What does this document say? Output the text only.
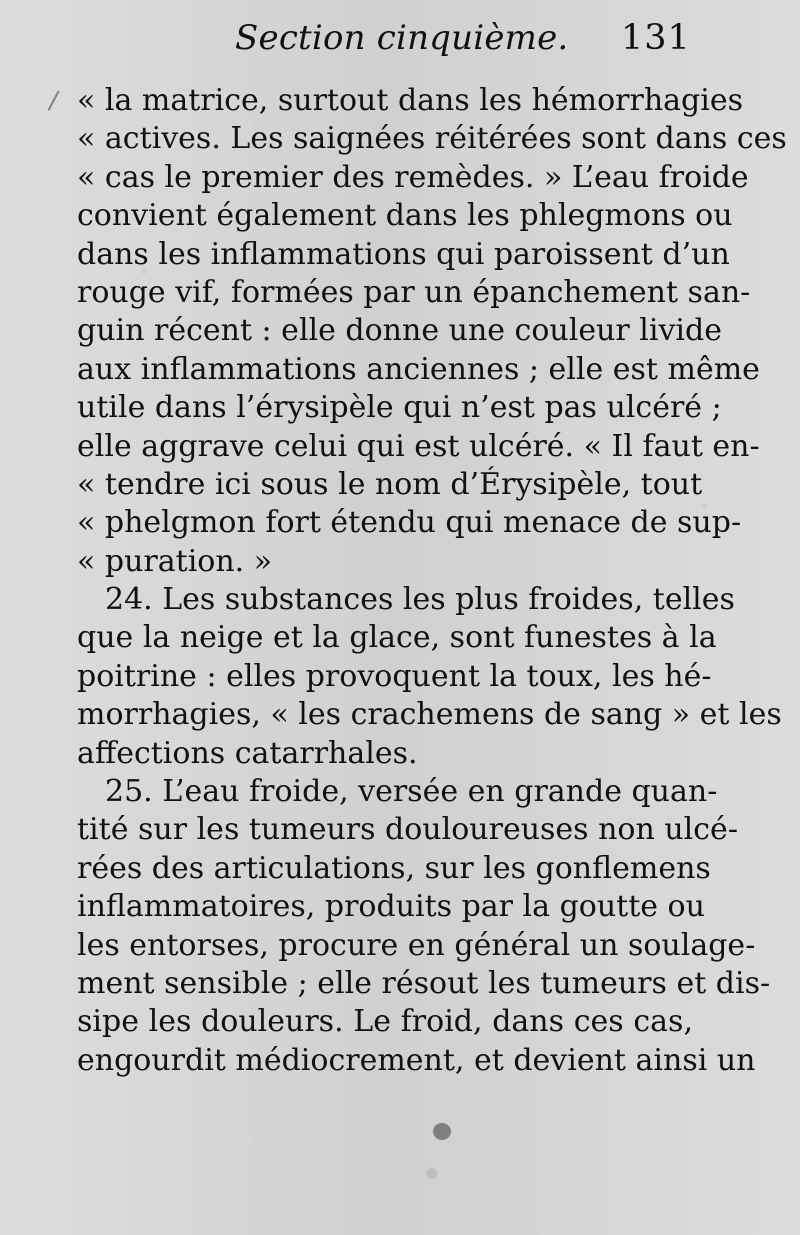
Section cinquième. 131
« la matrice, surtout dans les hémorrhagies
« actives. Les saignées réitérées sont dans ces
« cas le premier des remèdes. » L’eau froide
convient également dans les phlegmons ou
dans les inflammations qui paroissent d’un
rouge vif, formées par un épanchement san-
guin récent : elle donne une couleur livide
aux inflammations anciennes ; elle est même
utile dans l’érysipèle qui n’est pas ulcéré ;
elle aggrave celui qui est ulcéré. « Il faut en-
« tendre ici sous le nom d’Érysipèle, tout
« phelgmon fort étendu qui menace de sup-
« puration. »
24. Les substances les plus froides, telles
que la neige et la glace, sont funestes à la
poitrine : elles provoquent la toux, les hé-
morrhagies, « les crachemens de sang » et les
affections catarrhales.
25. L’eau froide, versée en grande quan-
tité sur les tumeurs douloureuses non ulcé-
rées des articulations, sur les gonflemens
inflammatoires, produits par la goutte ou
les entorses, procure en général un soulage-
ment sensible ; elle résout les tumeurs et dis-
sipe les douleurs. Le froid, dans ces cas,
engourdit médiocrement, et devient ainsi un
